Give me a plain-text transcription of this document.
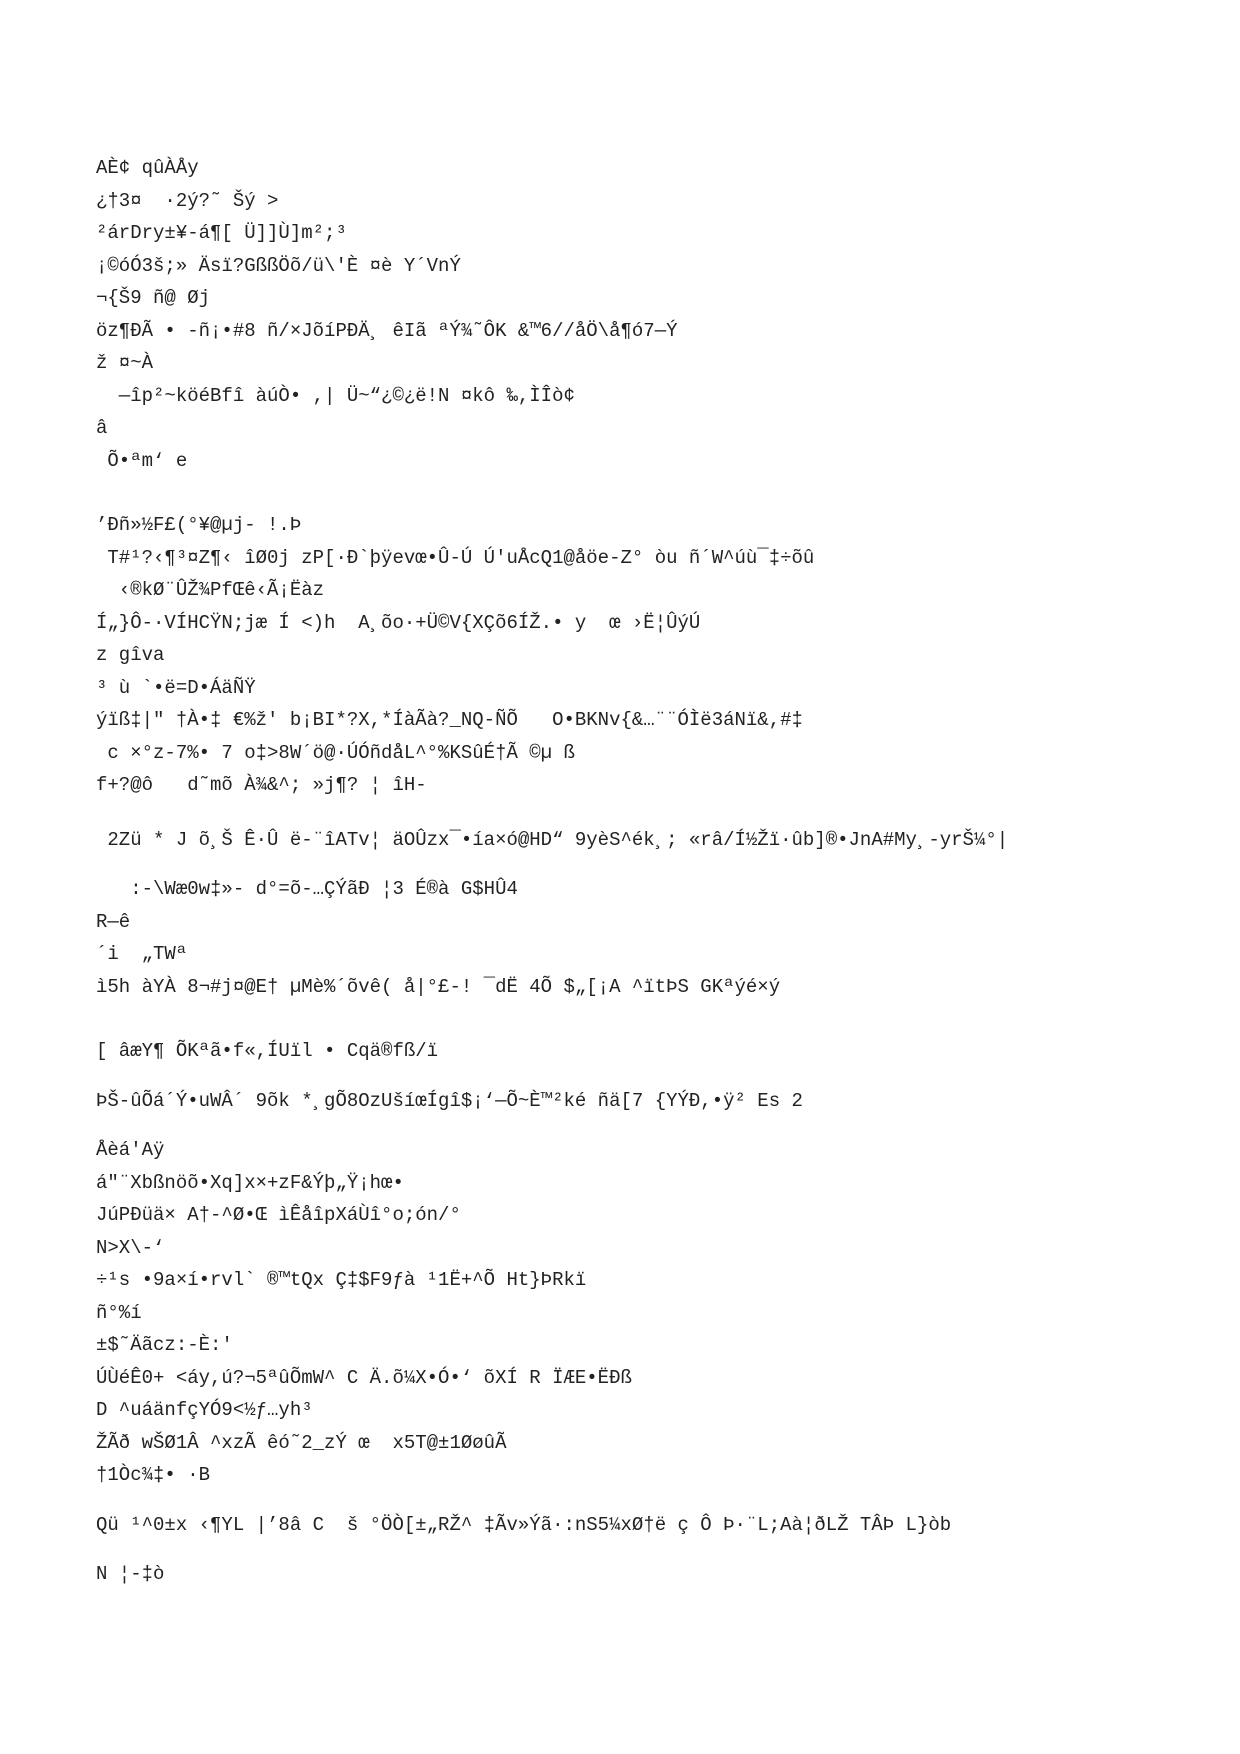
AÈ¢ qûÀÅy
¿†3¤  ·2ý?˜ Šý >
²árDry±¥-á¶[ Ü]]Ù]m²;³
¡©óÓ3š;» Äsï?GßßÖõ/ü\'È ¤è Y´VnÝ
¬{Š9 ñ@ Øj
öz¶ÐÃ • -ñ¡•#8 ñ/×JõíPÐÄ¸ êIã ªÝ¾˜ÔK &™6//åÖ\å¶ó7—Ý
ž ¤~À
—îp²~köéBfî àúÒ• ,| Ü~“¿©¿ë!N ¤kô ‰,ÌÎò¢
â
Õ•ªm‘ e
’Ðñ»½F£(°¥@µj- !.Þ
T#¹?‹¶³¤Z¶‹ îØ0j zP[·Ð`þÿevœ•Û-Ú Ú'uÅcQ1@åöe-Z° òu ñ´W^úù¯‡÷õû
‹®kØ¨ÛŽ¾PfŒê‹Ã¡Ëàz
Í„}Ô-·VÍHCŸN;jæ Í <)h  A¸õo·+Ü©V{XÇõ6ÍŽ.• y  œ ›Ë¦ÛýÚ
z gîva
³ ù `•ë=D•ÁäÑŸ
ýïß‡|" †À•‡ €%ž' b¡BI*?X,*ÍàÃà?_NQ-ÑÕ   O•BKNv{&…¨¨ÓÌë3áNï&,#‡
c ×°z-7%• 7 o‡>8W´ö@·ÚÓñdåL^°%KSûÉ†Ã ©µ ß
f+?@ô   d˜mõ À¾&^; »j¶? ¦ îH-
2Zü * J õ¸Š Ê·Û ë-¨îATv¦ äOÛzx¯•ía×ó@HD“ 9yèS^ék¸; «râ/Í½Žï·ûb]®•JnA#My¸-yrŠ¼°|
:-\Wæ0w‡»- d°=õ-…ÇÝãÐ ¦3 É®à G$HÛ4
R—ê
´i  „TWª
ì5h àYÀ 8¬#j¤@E† µMè%´õvê( å|°£-! ¯dË 4Õ $„[¡A ^ïtÞS GKªýé×ý
[ âæY¶ ÕKªã•f«,ÍUïl • Cqä®fß/ï
ÞŠ-ûÕá´Ý•uWÂ´ 9õk *¸gÕ8OzUšíœÍgî$¡‘—Õ~È™²ké ñä[7 {YÝÐ,•ÿ² Es 2
Åèá'Aÿ
á"¨Xbßnöõ•Xq]x×+zF&Ýþ„Ÿ¡hœ•
JúPÐüä× A†-^Ø•Œ ìÊåîpXáÙî°o;ón/°
N>X\-‘
÷¹s •9a×í•rvl` ®™tQx Ç‡$F9ƒà ¹1Ë+^Õ Ht}ÞRkï
ñ°%í
±$˜Äãcz:-È:'
ÚÙéÊ0+ <áy,ú?¬5ªûÕmW^ C Ä.õ¼X•Ó•‘ õXÍ R ÏÆE•ËÐß
D ^uáänfçYÓ9<½ƒ…yh³
ŽÃð wŠØ1Â ^xzÃ êó˜2_zÝ œ  x5T@±1ØøûÃ
†1Òc¾‡• ·B
Qü ¹^0±x ‹¶YL |’8â C  š °ÖÒ[±„RŽ^ ‡Ãv»Ýã·:nS5¼xØ†ë ç Ô Þ·¨L;Aà¦ðLŽ TÂÞ L}òb
N ¦-‡ò
